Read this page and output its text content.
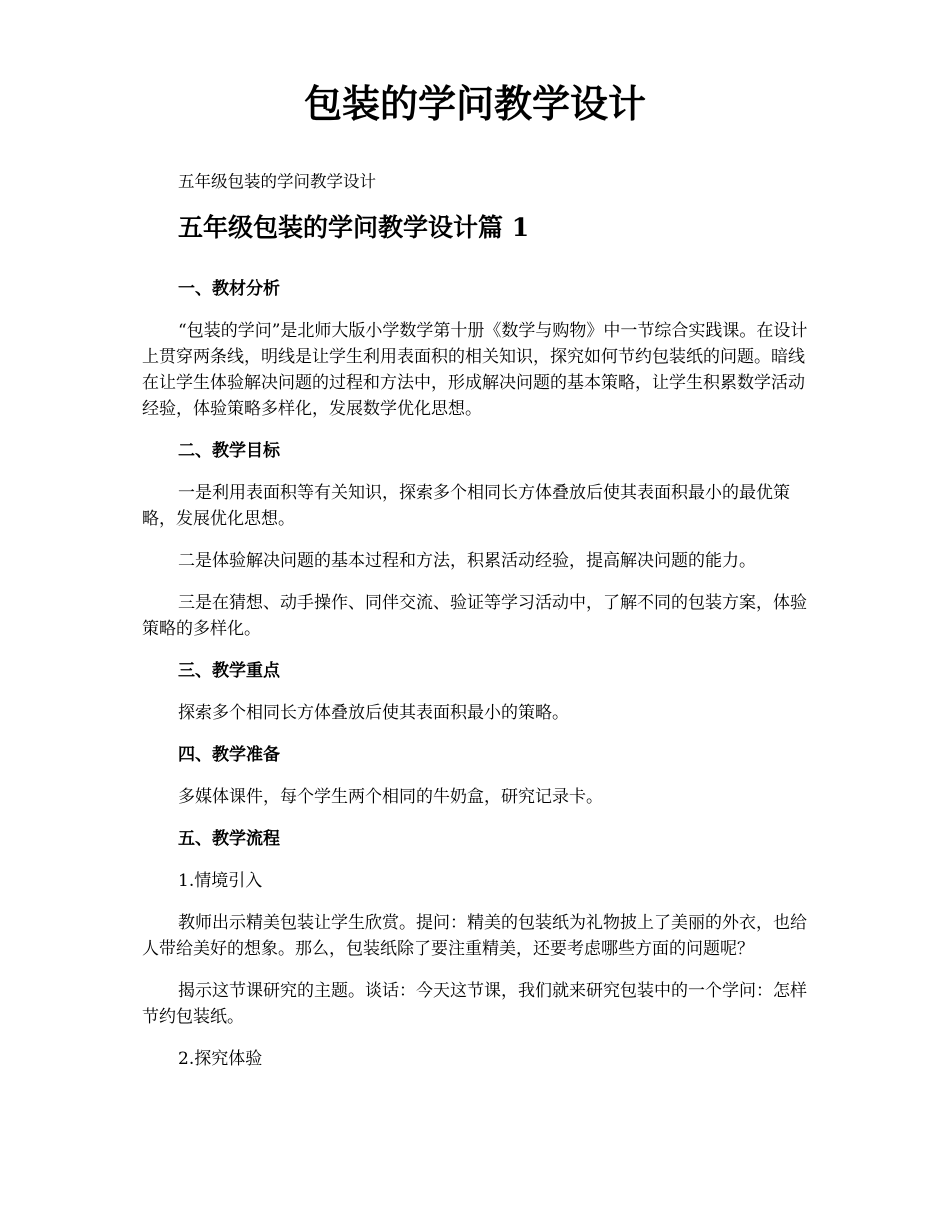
包装的学问教学设计
五年级包装的学问教学设计
五年级包装的学问教学设计篇 1
一、教材分析

“包装的学问”是北师大版小学数学第十册《数学与购物》中一节综合实践课。在设计上贯穿两条线，明线是让学生利用表面积的相关知识，探究如何节约包装纸的问题。暗线在让学生体验解决问题的过程和方法中，形成解决问题的基本策略，让学生积累数学活动经验，体验策略多样化，发展数学优化思想。

二、教学目标

一是利用表面积等有关知识，探索多个相同长方体叠放后使其表面积最小的最优策略，发展优化思想。

二是体验解决问题的基本过程和方法，积累活动经验，提高解决问题的能力。

三是在猜想、动手操作、同伴交流、验证等学习活动中，了解不同的包装方案，体验策略的多样化。

三、教学重点

探索多个相同长方体叠放后使其表面积最小的策略。

四、教学准备

多媒体课件，每个学生两个相同的牛奶盒，研究记录卡。

五、教学流程

1.情境引入

教师出示精美包装让学生欣赏。提问：精美的包装纸为礼物披上了美丽的外衣，也给人带给美好的想象。那么，包装纸除了要注重精美，还要考虑哪些方面的问题呢？

揭示这节课研究的主题。谈话：今天这节课，我们就来研究包装中的一个学问：怎样节约包装纸。

2.探究体验
